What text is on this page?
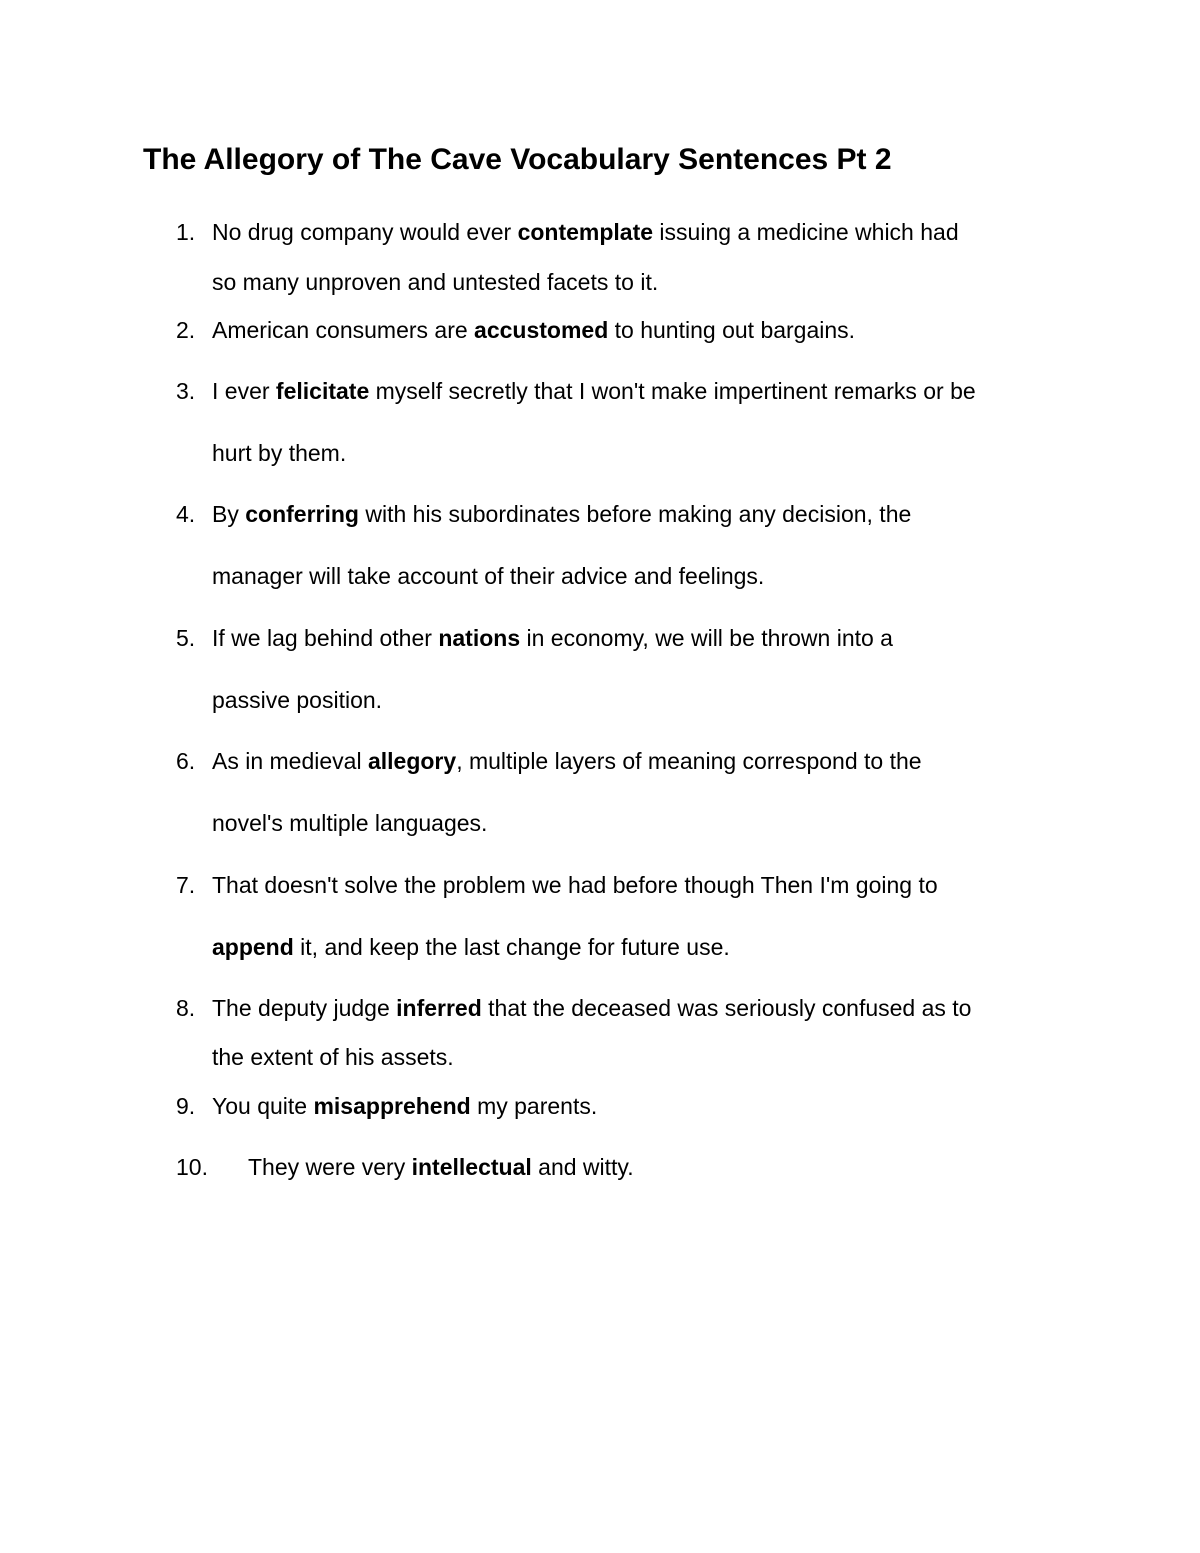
The Allegory of The Cave Vocabulary Sentences Pt 2
1. No drug company would ever contemplate issuing a medicine which had
so many unproven and untested facets to it.
2. American consumers are accustomed to hunting out bargains.
3. I ever felicitate myself secretly that I won't make impertinent remarks or be
hurt by them.
4. By conferring with his subordinates before making any decision, the
manager will take account of their advice and feelings.
5. If we lag behind other nations in economy, we will be thrown into a
passive position.
6. As in medieval allegory, multiple layers of meaning correspond to the
novel's multiple languages.
7. That doesn't solve the problem we had before though Then I'm going to
append it, and keep the last change for future use.
8. The deputy judge inferred that the deceased was seriously confused as to
the extent of his assets.
9. You quite misapprehend my parents.
10. They were very intellectual and witty.
